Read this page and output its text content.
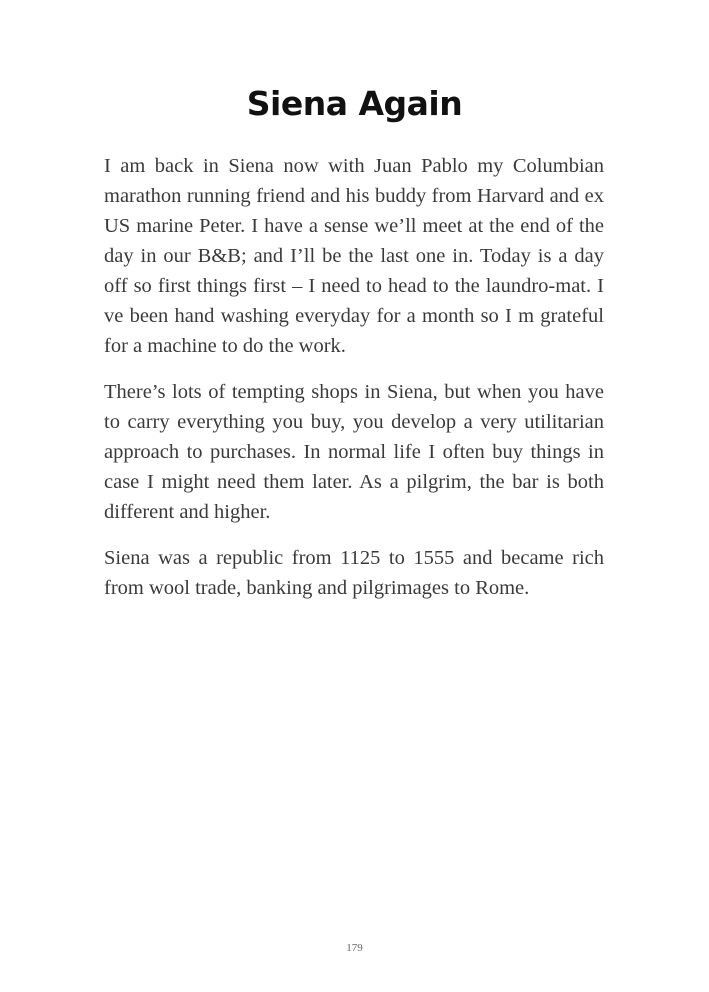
Siena Again

I am back in Siena now with Juan Pablo my Columbian marathon running friend and his buddy from Harvard and ex US marine Peter. I have a sense we’ll meet at the end of the day in our B&B; and I’ll be the last one in. Today is a day off so first things first – I need to head to the laundro-mat. I ve been hand washing everyday for a month so I m grateful for a machine to do the work.

There’s lots of tempting shops in Siena, but when you have to carry everything you buy, you develop a very utilitarian approach to purchases. In normal life I often buy things in case I might need them later. As a pilgrim, the bar is both different and higher.

Siena was a republic from 1125 to 1555 and became rich from wool trade, banking and pilgrimages to Rome.

179
